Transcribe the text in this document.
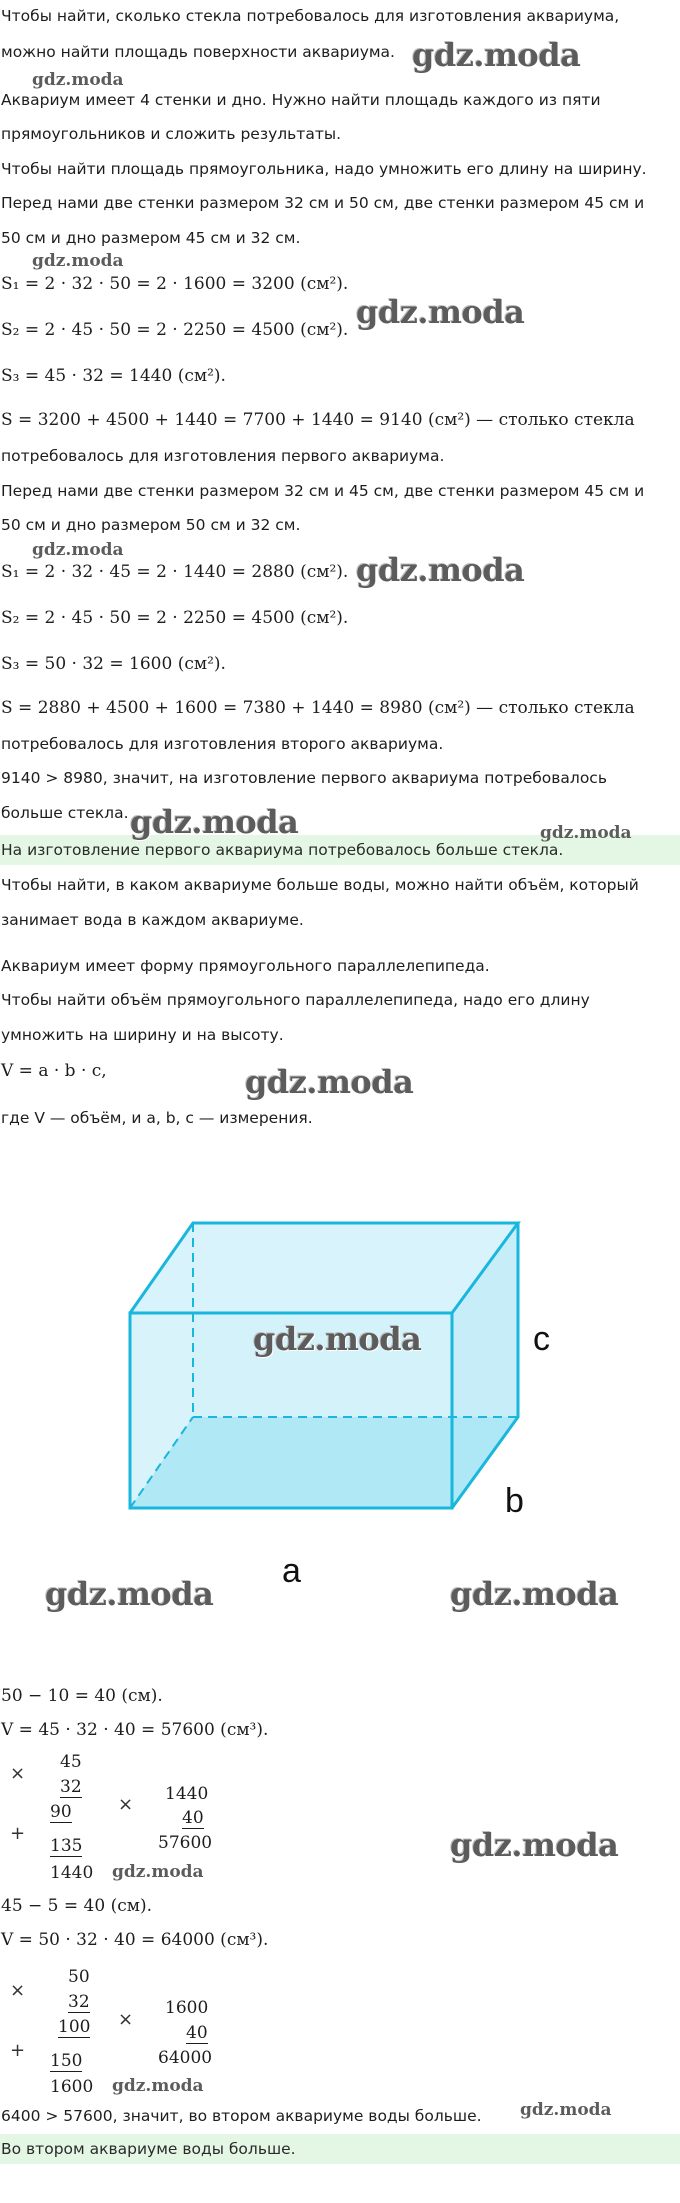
Чтобы найти, сколько стекла потребовалось для изготовления аквариума,
можно найти площадь поверхности аквариума.
Аквариум имеет 4 стенки и дно. Нужно найти площадь каждого из пяти
прямоугольников и сложить результаты.
Чтобы найти площадь прямоугольника, надо умножить его длину на ширину.
Перед нами две стенки размером 32 см и 50 см, две стенки размером 45 см и
50 см и дно размером 45 см и 32 см.
S₁ = 2 · 32 · 50 = 2 · 1600 = 3200 (см²).
S₂ = 2 · 45 · 50 = 2 · 2250 = 4500 (см²).
S₃ = 45 · 32 = 1440 (см²).
S = 3200 + 4500 + 1440 = 7700 + 1440 = 9140 (см²) — столько стекла
потребовалось для изготовления первого аквариума.
Перед нами две стенки размером 32 см и 45 см, две стенки размером 45 см и
50 см и дно размером 50 см и 32 см.
S₁ = 2 · 32 · 45 = 2 · 1440 = 2880 (см²).
S₂ = 2 · 45 · 50 = 2 · 2250 = 4500 (см²).
S₃ = 50 · 32 = 1600 (см²).
S = 2880 + 4500 + 1600 = 7380 + 1440 = 8980 (см²) — столько стекла
потребовалось для изготовления второго аквариума.
9140 > 8980, значит, на изготовление первого аквариума потребовалось
больше стекла.
На изготовление первого аквариума потребовалось больше стекла.
Чтобы найти, в каком аквариуме больше воды, можно найти объём, который
занимает вода в каждом аквариуме.
Аквариум имеет форму прямоугольного параллелепипеда.
Чтобы найти объём прямоугольного параллелепипеда, надо его длину
умножить на ширину и на высоту.
V = a · b · c,
где V — объём, и a, b, c — измерения.
a
b
c
50 − 10 = 40 (см).
V = 45 · 32 · 40 = 57600 (см³).
×
45
32
90
+
135
1440
× 1440
40
57600
45 − 5 = 40 (см).
V = 50 · 32 · 40 = 64000 (см³).
×
50
32
100
+ 150
1600
×
1600
40
64000
6400 > 57600, значит, во втором аквариуме воды больше.
Во втором аквариуме воды больше.
gdz.moda
gdz.moda
gdz.moda
gdz.moda
gdz.moda
gdz.moda
gdz.moda	gdz.moda
gdz.moda
gdz.moda
gdz.moda	gdz.moda
gdz.moda
gdz.moda
gdz.moda
gdz.moda
